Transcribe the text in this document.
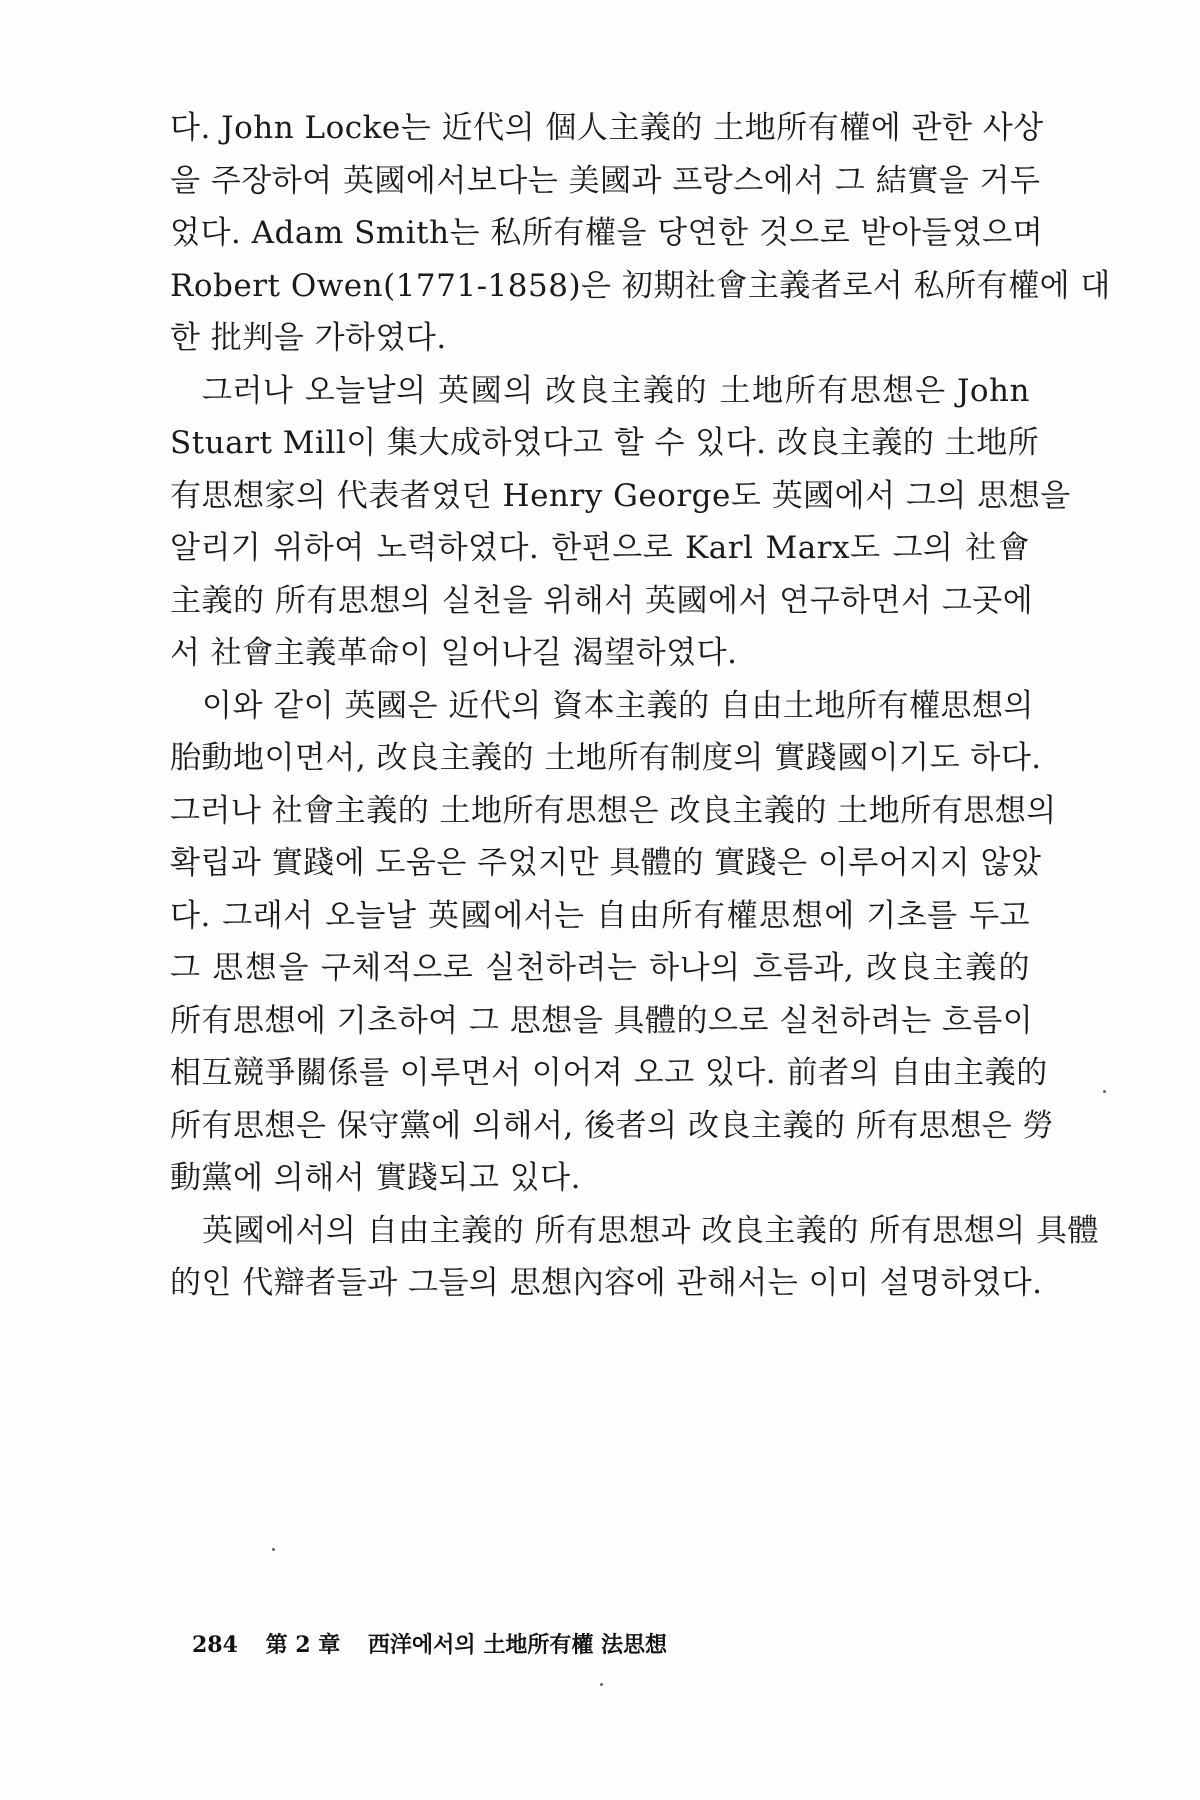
다. John Locke는 近代의 個人主義的 土地所有權에 관한 사상
을 주장하여 英國에서보다는 美國과 프랑스에서 그 結實을 거두
었다. Adam Smith는 私所有權을 당연한 것으로 받아들였으며
Robert Owen(1771-1858)은 初期社會主義者로서 私所有權에 대
한 批判을 가하였다.
그러나 오늘날의 英國의 改良主義的 土地所有思想은 John
Stuart Mill이 集大成하였다고 할 수 있다. 改良主義的 土地所
有思想家의 代表者였던 Henry George도 英國에서 그의 思想을
알리기 위하여 노력하였다. 한편으로 Karl Marx도 그의 社會
主義的 所有思想의 실천을 위해서 英國에서 연구하면서 그곳에
서 社會主義革命이 일어나길 渴望하였다.
이와 같이 英國은 近代의 資本主義的 自由土地所有權思想의
胎動地이면서, 改良主義的 土地所有制度의 實踐國이기도 하다.
그러나 社會主義的 土地所有思想은 改良主義的 土地所有思想의
확립과 實踐에 도움은 주었지만 具體的 實踐은 이루어지지 않았
다. 그래서 오늘날 英國에서는 自由所有權思想에 기초를 두고
그 思想을 구체적으로 실천하려는 하나의 흐름과, 改良主義的
所有思想에 기초하여 그 思想을 具體的으로 실천하려는 흐름이
相互競爭關係를 이루면서 이어져 오고 있다. 前者의 自由主義的
所有思想은 保守黨에 의해서, 後者의 改良主義的 所有思想은 勞
動黨에 의해서 實踐되고 있다.
英國에서의 自由主義的 所有思想과 改良主義的 所有思想의 具體
的인 代辯者들과 그들의 思想內容에 관해서는 이미 설명하였다.
284 第 2 章 西洋에서의 土地所有權 法思想
